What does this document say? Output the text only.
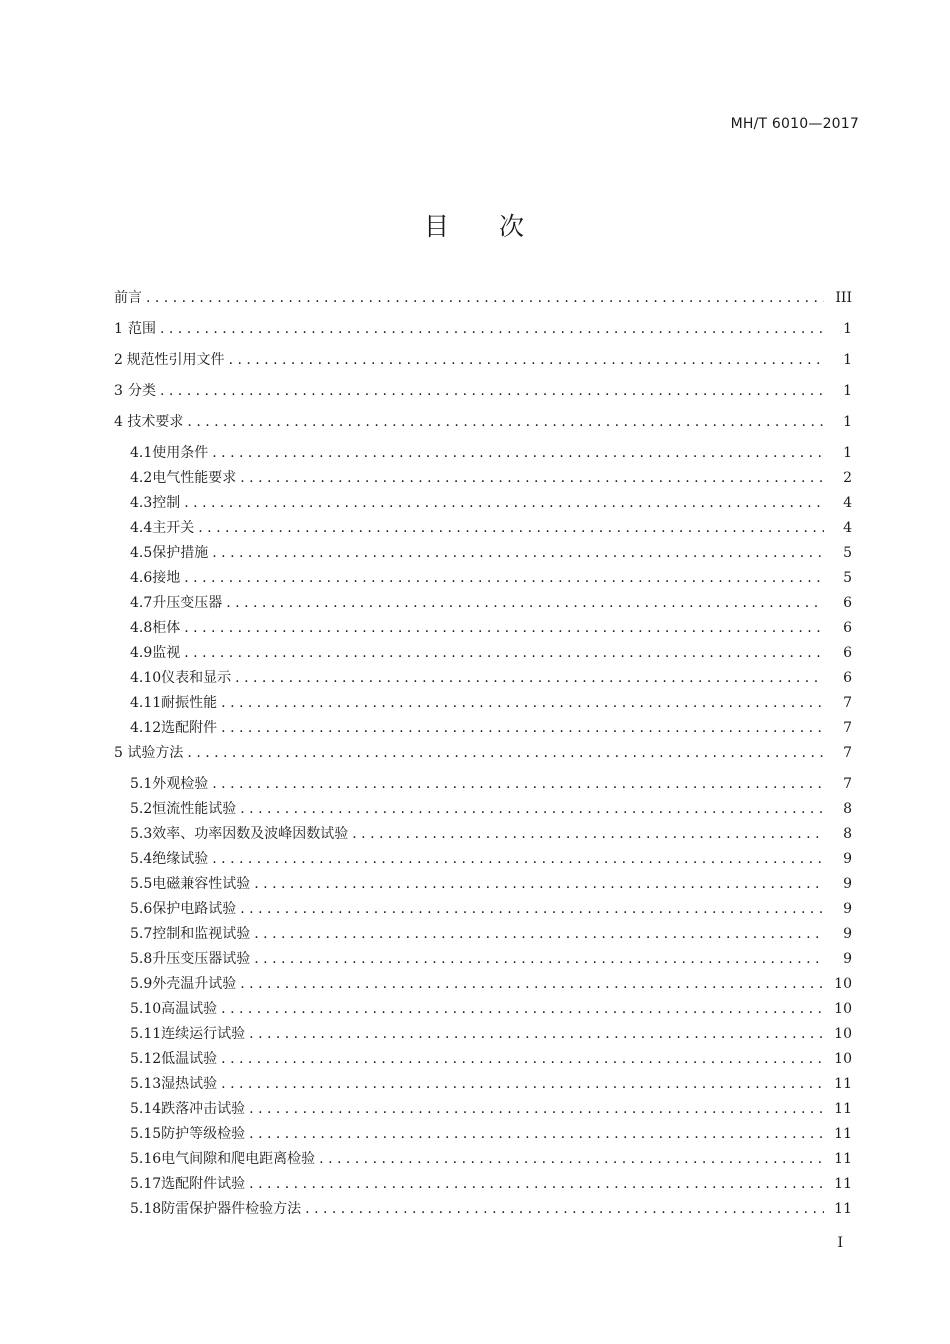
MH/T 6010—2017
目 次
前言 . . .	III
1 范围 . . .	1
2 规范性引用文件 . . .	1
3 分类 . . .	1
4 技术要求 . . .	1
4.1 使用条件 . . .	1
4.2 电气性能要求 . . .	2
4.3 控制 . . .	4
4.4 主开关 . . .	4
4.5 保护措施 . . .	5
4.6 接地 . . .	5
4.7 升压变压器 . . .	6
4.8 柜体 . . .	6
4.9 监视 . . .	6
4.10 仪表和显示 . . .	6
4.11 耐振性能 . . .	7
4.12 选配附件 . . .	7
5 试验方法 . . .	7
5.1 外观检验 . . .	7
5.2 恒流性能试验 . . .	8
5.3 效率、功率因数及波峰因数试验 . . .	8
5.4 绝缘试验 . . .	9
5.5 电磁兼容性试验 . . .	9
5.6 保护电路试验 . . .	9
5.7 控制和监视试验 . . .	9
5.8 升压变压器试验 . . .	9
5.9 外壳温升试验 . . .	10
5.10 高温试验 . . .	10
5.11 连续运行试验 . . .	10
5.12 低温试验 . . .	10
5.13 湿热试验 . . .	11
5.14 跌落冲击试验 . . .	11
5.15 防护等级检验 . . .	11
5.16 电气间隙和爬电距离检验 . . .	11
5.17 选配附件试验 . . .	11
5.18 防雷保护器件检验方法 . . .	11
I
